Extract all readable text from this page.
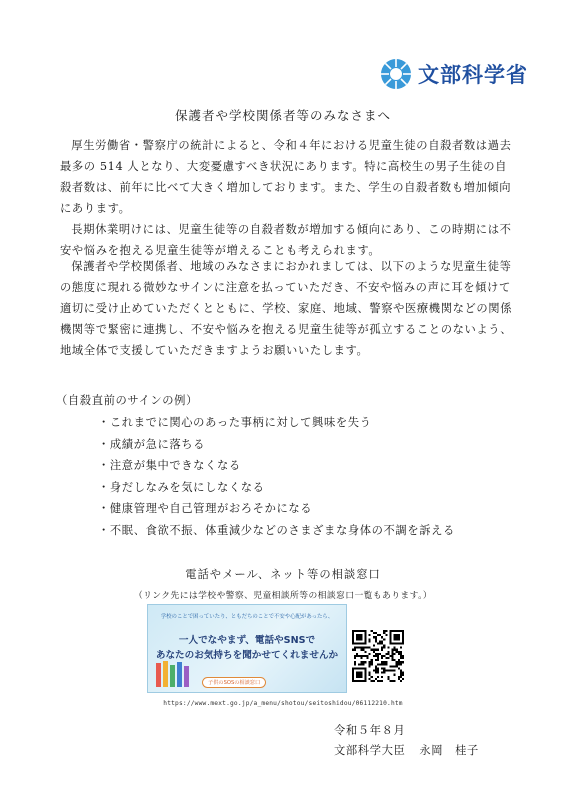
文部科学省
保護者や学校関係者等のみなさまへ

厚生労働省・警察庁の統計によると、令和４年における児童生徒の自殺者数は過去最多の 514 人となり、大変憂慮すべき状況にあります。特に高校生の男子生徒の自殺者数は、前年に比べて大きく増加しております。また、学生の自殺者数も増加傾向にあります。

長期休業明けには、児童生徒等の自殺者数が増加する傾向にあり、この時期には不安や悩みを抱える児童生徒等が増えることも考えられます。

保護者や学校関係者、地域のみなさまにおかれましては、以下のような児童生徒等の態度に現れる微妙なサインに注意を払っていただき、不安や悩みの声に耳を傾けて適切に受け止めていただくとともに、学校、家庭、地域、警察や医療機関などの関係機関等で緊密に連携し、不安や悩みを抱える児童生徒等が孤立することのないよう、地域全体で支援していただきますようお願いいたします。

（自殺直前のサインの例）
・ これまでに関心のあった事柄に対して興味を失う
・ 成績が急に落ちる
・ 注意が集中できなくなる
・ 身だしなみを気にしなくなる
・ 健康管理や自己管理がおろそかになる
・ 不眠、食欲不振、体重減少などのさまざまな身体の不調を訴える
電話やメール、ネット等の相談窓口
（リンク先には学校や警察、児童相談所等の相談窓口一覧もあります。）
学校のことで困っていたり、ともだちのことで不安や心配があったら、
一人でなやまず、電話やSNSで
あなたのお気持ちを聞かせてくれませんか
子供のSOSの相談窓口
https://www.mext.go.jp/a_menu/shotou/seitoshidou/06112210.htm
令和５年８月
文部科学大臣 永岡　桂子
